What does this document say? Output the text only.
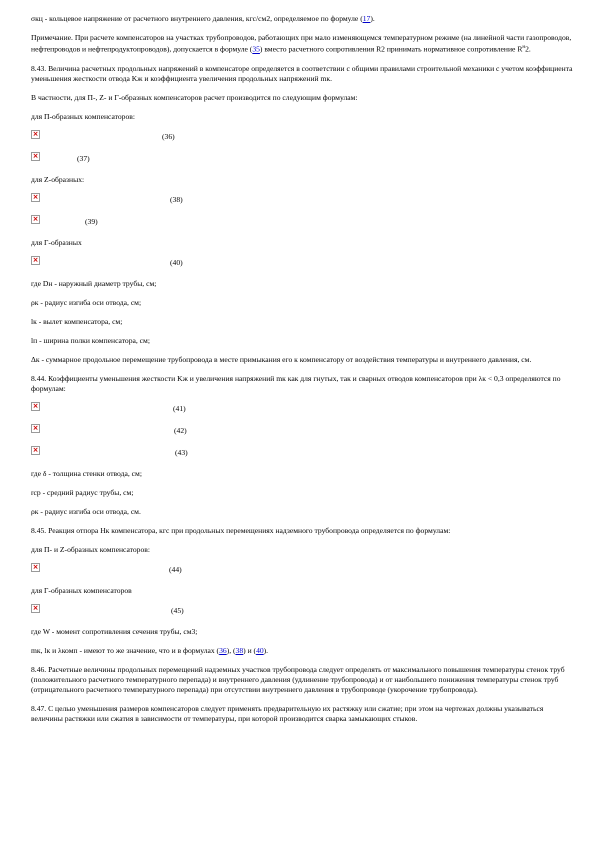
σкц - кольцевое напряжение от расчетного внутреннего давления, кгс/см2, определяемое по формуле (17).

Примечание. При расчете компенсаторов на участках трубопроводов, работающих при мало изменяющемся температурном режиме (на линейной части газопроводов, нефтепроводов и нефтепродуктопроводов), допускается в формуле (35) вместо расчетного сопротивления R2 принимать нормативное сопротивление $R^н2$.

8.43. Величина расчетных продольных напряжений в компенсаторе определяется в соответствии с общими правилами строительной механики с учетом коэффициента уменьшения жесткости отвода Kж и коэффициента увеличения продольных напряжений mк.

В частности, для П-, Z- и Г-образных компенсаторов расчет производится по следующим формулам:

для П-образных компенсаторов:

×	(36)
×	(37)

для Z-образных:

×	(38)
×	(39)

для Г-образных

×	(40)

где Dн - наружный диаметр трубы, см;

ρк - радиус изгиба оси отвода, см;

lк - вылет компенсатора, см;

lп - ширина полки компенсатора, см;

Δк - суммарное продольное перемещение трубопровода в месте примыкания его к компенсатору от воздействия температуры и внутреннего давления, см.

8.44. Коэффициенты уменьшения жесткости Kж и увеличения напряжений mк как для гнутых, так и сварных отводов компенсаторов при λк < 0,3 определяются по формулам:

×	(41)
×	(42)
×	(43)

где δ - толщина стенки отвода, см;

rср - средний радиус трубы, см;

ρк - радиус изгиба оси отвода, см.

8.45. Реакция отпора Hк компенсатора, кгс при продольных перемещениях надземного трубопровода определяется по формулам:

для П- и Z-образных компенсаторов:

×	(44)

для Г-образных компенсаторов

×	(45)

где W - момент сопротивления сечения трубы, см3;

mк, lк и λкомп - имеют то же значение, что и в формулах (36), (38) и (40).

8.46. Расчетные величины продольных перемещений надземных участков трубопровода следует определять от максимального повышения температуры стенок труб (положительного расчетного температурного перепада) и внутреннего давления (удлинение трубопровода) и от наибольшего понижения температуры стенок труб (отрицательного расчетного температурного перепада) при отсутствии внутреннего давления в трубопроводе (укорочение трубопровода).

8.47. С целью уменьшения размеров компенсаторов следует применять предварительную их растяжку или сжатие; при этом на чертежах должны указываться величины растяжки или сжатия в зависимости от температуры, при которой производится сварка замыкающих стыков.
